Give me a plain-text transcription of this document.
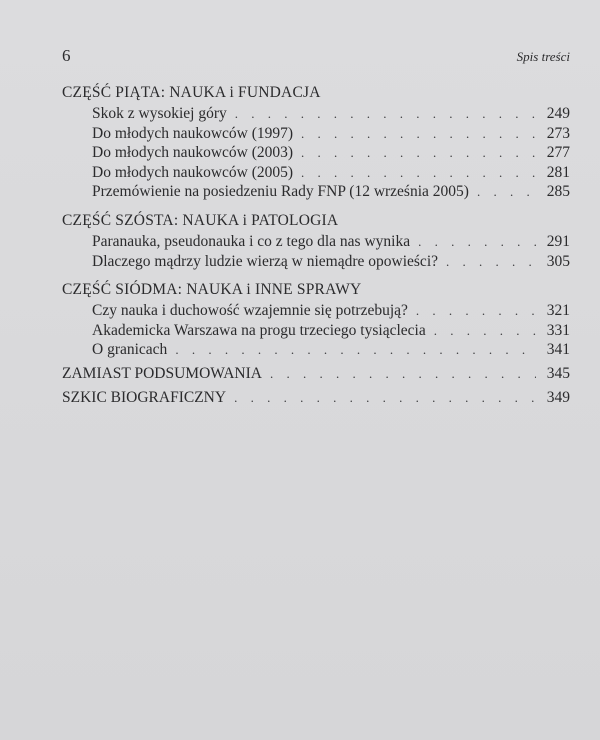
6	Spis treści
CZĘŚĆ PIĄTA: NAUKA i FUNDACJA
Skok z wysokiej góry . . .	249
Do młodych naukowców (1997) . . .	273
Do młodych naukowców (2003) . . .	277
Do młodych naukowców (2005) . . .	281
Przemówienie na posiedzeniu Rady FNP (12 września 2005) . . .	285
CZĘŚĆ SZÓSTA: NAUKA i PATOLOGIA
Paranauka, pseudonauka i co z tego dla nas wynika . . .	291
Dlaczego mądrzy ludzie wierzą w niemądre opowieści? . . .	305
CZĘŚĆ SIÓDMA: NAUKA i INNE SPRAWY
Czy nauka i duchowość wzajemnie się potrzebują? . . .	321
Akademicka Warszawa na progu trzeciego tysiąclecia . . .	331
O granicach . . .	341
ZAMIAST PODSUMOWANIA . . .	345
SZKIC BIOGRAFICZNY . . .	349
